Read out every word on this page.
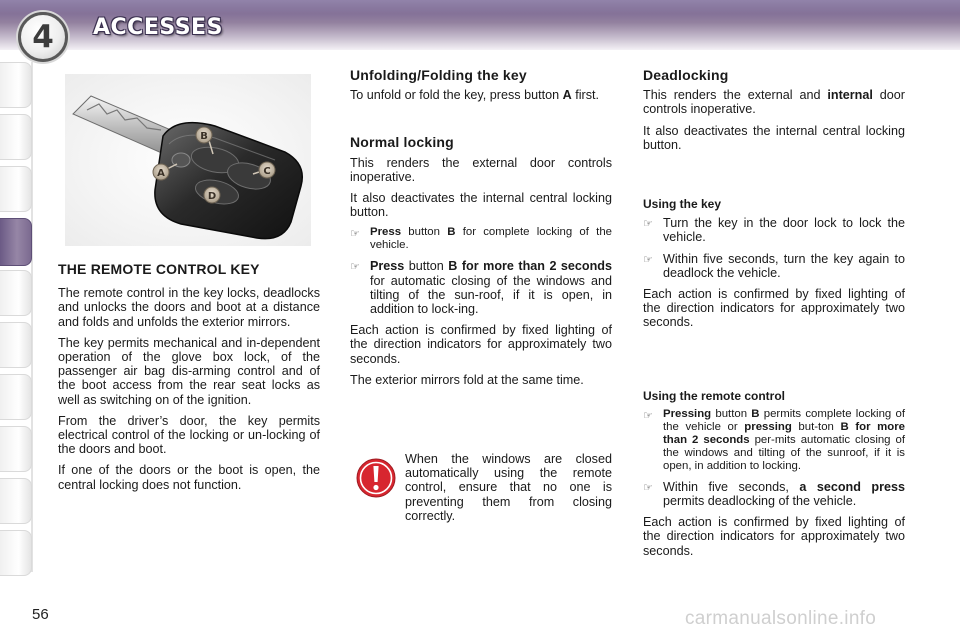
4 ACCESSES
B
C
A
D
THE REMOTE CONTROL KEY

The remote control in the key locks, deadlocks and unlocks the doors and boot at a distance and folds and unfolds the exterior mirrors.

The key permits mechanical and in-dependent operation of the glove box lock, of the passenger air bag dis-arming control and of the boot access from the rear seat locks as well as switching on of the ignition.

From the driver’s door, the key permits electrical control of the locking or un-locking of the doors and boot.

If one of the doors or the boot is open, the central locking does not function.

Unfolding/Folding the key

To unfold or fold the key, press button A first.

Normal locking

This renders the external door controls inoperative.

It also deactivates the internal central locking button.

☞ Press button B for complete locking of the vehicle.
☞ Press button B for more than 2 seconds for automatic closing of the windows and tilting of the sun-roof, if it is open, in addition to lock-ing.

Each action is confirmed by fixed lighting of the direction indicators for approximately two seconds.

The exterior mirrors fold at the same time.

When the windows are closed automatically using the remote control, ensure that no one is preventing them from closing correctly.
Deadlocking

This renders the external and internal door controls inoperative.

It also deactivates the internal central locking button.

Using the key
☞ Turn the key in the door lock to lock the vehicle.
☞ Within five seconds, turn the key again to deadlock the vehicle.

Each action is confirmed by fixed lighting of the direction indicators for approximately two seconds.

Using the remote control
☞ Pressing button B permits complete locking of the vehicle or pressing but-ton B for more than 2 seconds per-mits automatic closing of the windows and tilting of the sunroof, if it is open, in addition to locking.
☞ Within five seconds, a second press permits deadlocking of the vehicle.

Each action is confirmed by fixed lighting of the direction indicators for approximately two seconds.

56	carmanualsonline.info
